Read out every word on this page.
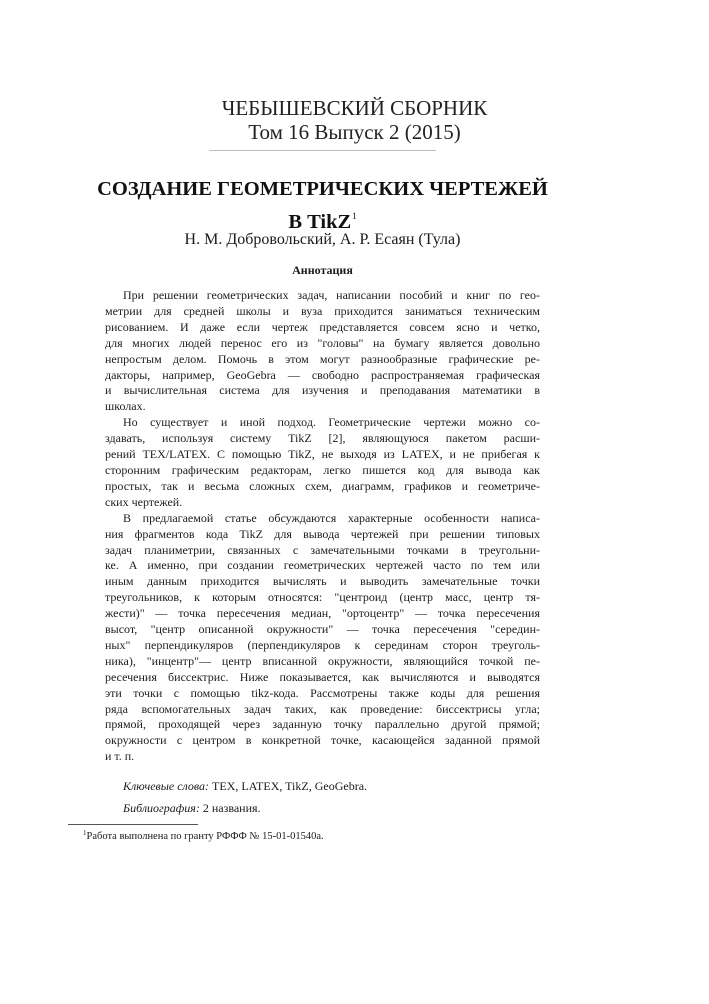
ЧЕБЫШЕВСКИЙ СБОРНИК
Том 16 Выпуск 2 (2015)
СОЗДАНИЕ ГЕОМЕТРИЧЕСКИХ ЧЕРТЕЖЕЙ
В TikZ$^1$
Н. М. Добровольский, А. Р. Есаян (Тула)
Аннотация

При решении геометрических задач, написании пособий и книг по гео-
метрии для средней школы и вуза приходится заниматься техническим
рисованием. И даже если чертеж представляется совсем ясно и четко,
для многих людей перенос его из "головы" на бумагу является довольно
непростым делом. Помочь в этом могут разнообразные графические ре-
дакторы, например, GeoGebra — свободно распространяемая графическая
и вычислительная система для изучения и преподавания математики в
школах.

Но существует и иной подход. Геометрические чертежи можно со-
здавать, используя систему TikZ [2], являющуюся пакетом расши-
рений TEX/LATEX. С помощью TikZ, не выходя из LATEX, и не прибегая к
сторонним графическим редакторам, легко пишется код для вывода как
простых, так и весьма сложных схем, диаграмм, графиков и геометриче-
ских чертежей.

В предлагаемой статье обсуждаются характерные особенности написа-
ния фрагментов кода TikZ для вывода чертежей при решении типовых
задач планиметрии, связанных с замечательными точками в треугольни-
ке. А именно, при создании геометрических чертежей часто по тем или
иным данным приходится вычислять и выводить замечательные точки
треугольников, к которым относятся: "центроид (центр масс, центр тя-
жести)" — точка пересечения медиан, "ортоцентр" — точка пересечения
высот, "центр описанной окружности" — точка пересечения "середин-
ных" перпендикуляров (перпендикуляров к серединам сторон треуголь-
ника), "инцентр"— центр вписанной окружности, являющийся точкой пе-
ресечения биссектрис. Ниже показывается, как вычисляются и выводятся
эти точки с помощью tikz-кода. Рассмотрены также коды для решения
ряда вспомогательных задач таких, как проведение: биссектрисы угла;
прямой, проходящей через заданную точку параллельно другой прямой;
окружности с центром в конкретной точке, касающейся заданной прямой
и т. п.

Ключевые слова: TEX, LATEX, TikZ, GeoGebra.
Библиография: 2 названия.
$^1$Работа выполнена по гранту РФФФ № 15-01-01540а.
